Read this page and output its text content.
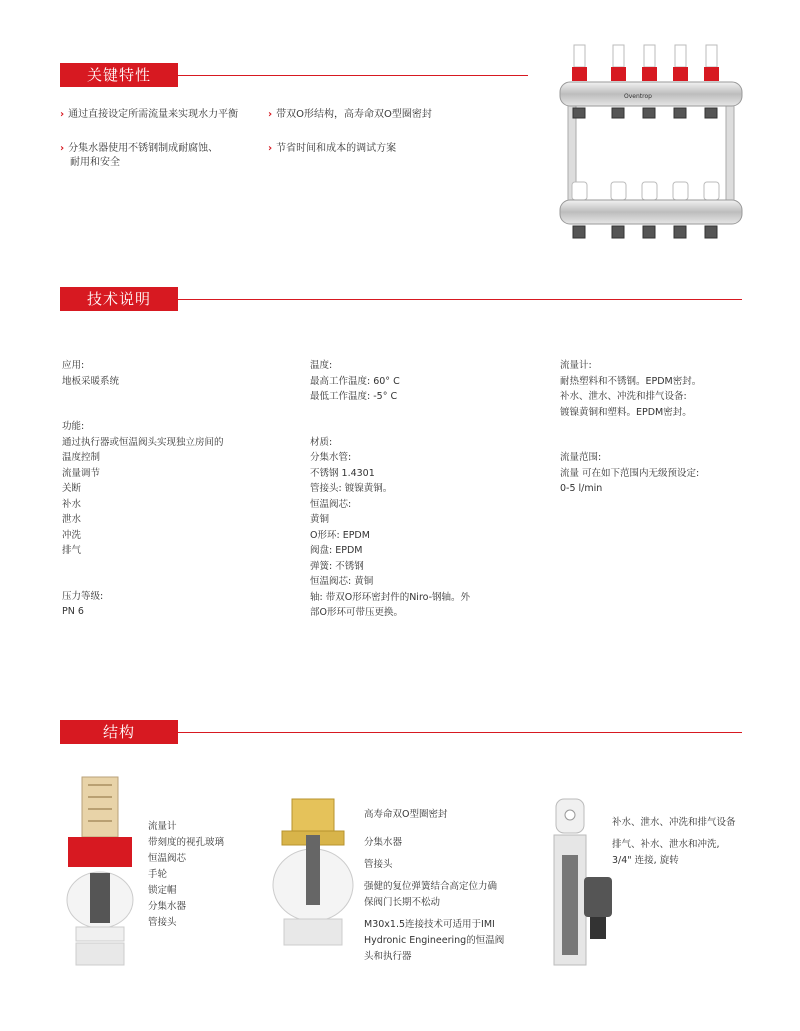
关键特性
› 通过直接设定所需流量来实现水力平衡	› 带双O形结构，高寿命双O型圈密封
› 分集水器使用不锈钢制成耐腐蚀、
耐用和安全
› 节省时间和成本的调试方案
Oventrop
技术说明

应用:

地板采暖系统

功能:

通过执行器或恒温阀头实现独立房间的

温度控制

流量调节

关断

补水

泄水

冲洗

排气

压力等级:

PN 6

温度:

最高工作温度: 60° C

最低工作温度: -5° C

材质:

分集水管:

不锈钢 1.4301

管接头: 镀镍黄铜。

恒温阀芯:

黄铜

O形环: EPDM

阀盘: EPDM

弹簧: 不锈钢

恒温阀芯: 黄铜

轴: 带双O形环密封件的Niro-钢轴。外

部O形环可带压更换。

流量计:

耐热塑料和不锈钢。EPDM密封。

补水、泄水、冲洗和排气设备:

镀镍黄铜和塑料。EPDM密封。

流量范围:

流量 可在如下范围内无级预设定:

0-5 l/min

结构

流量计

带刻度的视孔玻璃

恒温阀芯

手轮

锁定帽

分集水器

管接头

高寿命双O型圈密封

分集水器

管接头

强健的复位弹簧结合高定位力确

保阀门长期不松动

M30x1.5连接技术可适用于IMI

Hydronic Engineering的恒温阀

头和执行器

补水、泄水、冲洗和排气设备

排气、补水、泄水和冲洗,

3/4" 连接, 旋转
